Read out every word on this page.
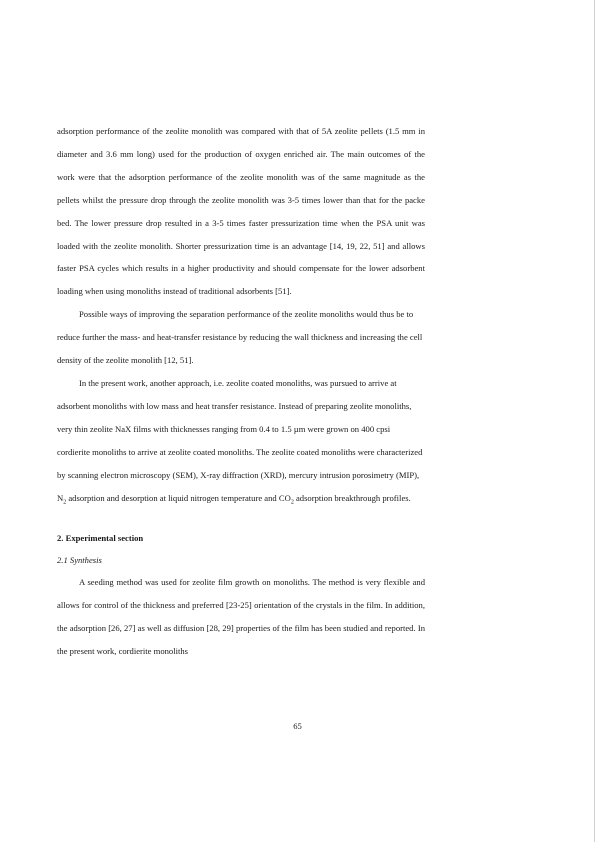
adsorption performance of the zeolite monolith was compared with that of 5A zeolite pellets (1.5 mm in diameter and 3.6 mm long) used for the production of oxygen enriched air. The main outcomes of the work were that the adsorption performance of the zeolite monolith was of the same magnitude as the pellets whilst the pressure drop through the zeolite monolith was 3-5 times lower than that for the packe bed. The lower pressure drop resulted in a 3-5 times faster pressurization time when the PSA unit was loaded with the zeolite monolith. Shorter pressurization time is an advantage [14, 19, 22, 51] and allows faster PSA cycles which results in a higher productivity and should compensate for the lower adsorbent loading when using monoliths instead of traditional adsorbents [51].

Possible ways of improving the separation performance of the zeolite monoliths would thus be to reduce further the mass- and heat-transfer resistance by reducing the wall thickness and increasing the cell density of the zeolite monolith [12, 51].

In the present work, another approach, i.e. zeolite coated monoliths, was pursued to arrive at adsorbent monoliths with low mass and heat transfer resistance. Instead of preparing zeolite monoliths, very thin zeolite NaX films with thicknesses ranging from 0.4 to 1.5 µm were grown on 400 cpsi cordierite monoliths to arrive at zeolite coated monoliths. The zeolite coated monoliths were characterized by scanning electron microscopy (SEM), X-ray diffraction (XRD), mercury intrusion porosimetry (MIP), $N_2$ adsorption and desorption at liquid nitrogen temperature and $CO_2$ adsorption breakthrough profiles.

2. Experimental section
2.1 Synthesis

A seeding method was used for zeolite film growth on monoliths. The method is very flexible and allows for control of the thickness and preferred [23-25] orientation of the crystals in the film. In addition, the adsorption [26, 27] as well as diffusion [28, 29] properties of the film has been studied and reported. In the present work, cordierite monoliths

65
